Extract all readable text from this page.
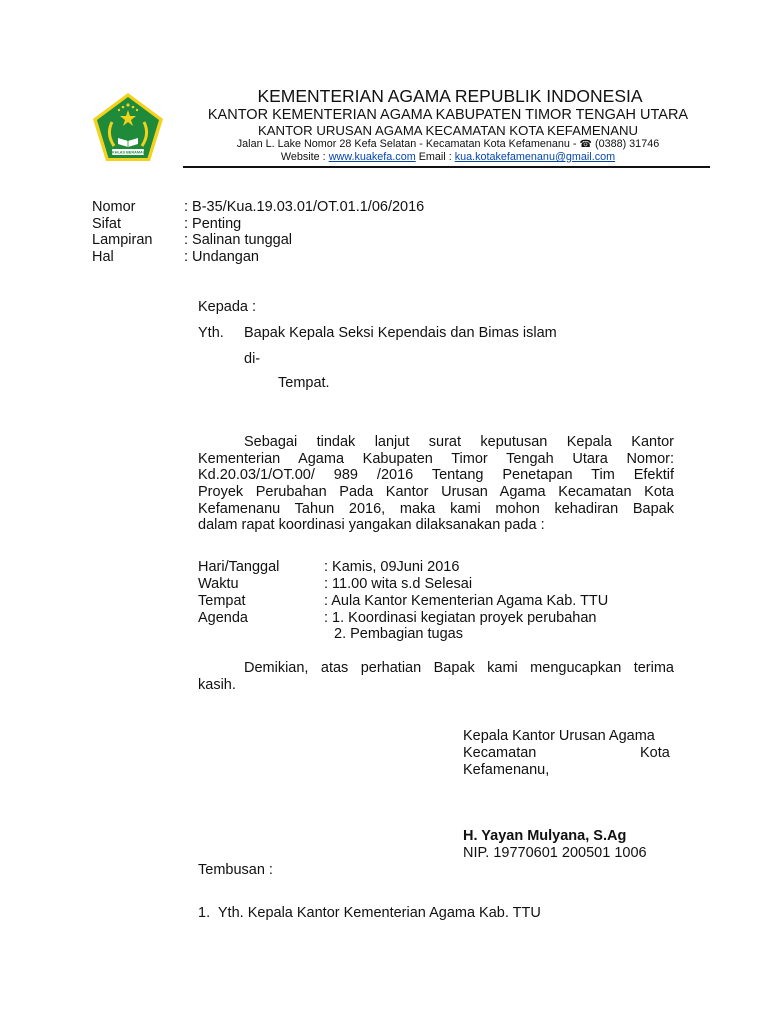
IKHLAS BERAMAL
KEMENTERIAN AGAMA REPUBLIK INDONESIA
KANTOR KEMENTERIAN AGAMA KABUPATEN TIMOR TENGAH UTARA
KANTOR URUSAN AGAMA KECAMATAN KOTA KEFAMENANU
Jalan L. Lake Nomor 28 Kefa Selatan - Kecamatan Kota Kefamenanu - ☎ (0388) 31746
Website : www.kuakefa.com Email : kua.kotakefamenanu@gmail.com
Nomor	: B-35/Kua.19.03.01/OT.01.1/06/2016
Sifat	: Penting
Lampiran : Salinan tunggal
Hal	: Undangan
Kepada :
Yth. Bapak Kepala Seksi Kependais dan Bimas islam
di-
Tempat.
Sebagai tindak lanjut surat keputusan Kepala Kantor
Kementerian Agama Kabupaten Timor Tengah Utara Nomor:
Kd.20.03/1/OT.00/ 989 /2016 Tentang Penetapan Tim Efektif
Proyek Perubahan Pada Kantor Urusan Agama Kecamatan Kota
Kefamenanu Tahun 2016, maka kami mohon kehadiran Bapak
dalam rapat koordinasi yangakan dilaksanakan pada :
Hari/Tanggal	: Kamis, 09Juni 2016
Waktu	: 11.00 wita s.d Selesai
Tempat	: Aula Kantor Kementerian Agama Kab. TTU
Agenda	: 1. Koordinasi kegiatan proyek perubahan
2. Pembagian tugas
Demikian, atas perhatian Bapak kami mengucapkan terima
kasih.
Kepala Kantor Urusan Agama
Kecamatan	Kota
Kefamenanu,
H. Yayan Mulyana, S.Ag
NIP. 19770601 200501 1006
Tembusan :
1.  Yth. Kepala Kantor Kementerian Agama Kab. TTU
